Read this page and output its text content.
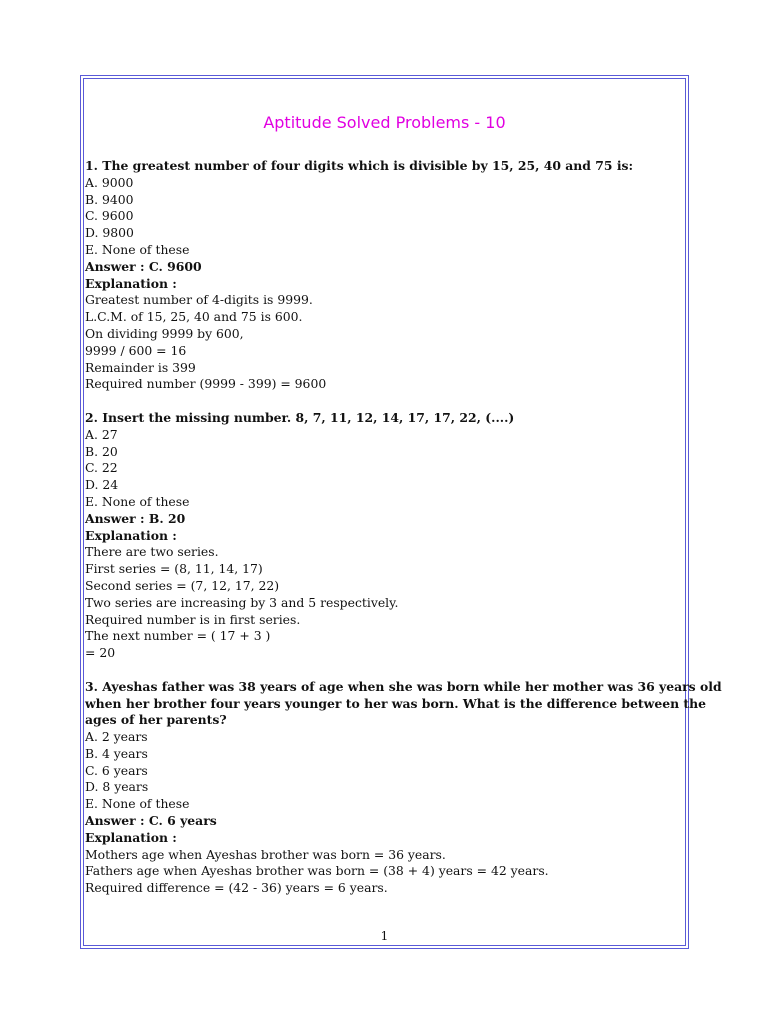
Aptitude Solved Problems - 10
1. The greatest number of four digits which is divisible by 15, 25, 40 and 75 is:
A. 9000
B. 9400
C. 9600
D. 9800
E. None of these
Answer : C. 9600
Explanation :
Greatest number of 4-digits is 9999.
L.C.M. of 15, 25, 40 and 75 is 600.
On dividing 9999 by 600,
9999 / 600 = 16
Remainder is 399
Required number (9999 - 399) = 9600
2. Insert the missing number. 8, 7, 11, 12, 14, 17, 17, 22, (....)
A. 27
B. 20
C. 22
D. 24
E. None of these
Answer : B. 20
Explanation :
There are two series.
First series = (8, 11, 14, 17)
Second series = (7, 12, 17, 22)
Two series are increasing by 3 and 5 respectively.
Required number is in first series.
The next number = ( 17 + 3 )
= 20
3. Ayeshas father was 38 years of age when she was born while her mother was 36 years old
when her brother four years younger to her was born. What is the difference between the
ages of her parents?
A. 2 years
B. 4 years
C. 6 years
D. 8 years
E. None of these
Answer : C. 6 years
Explanation :
Mothers age when Ayeshas brother was born = 36 years.
Fathers age when Ayeshas brother was born = (38 + 4) years = 42 years.
Required difference = (42 - 36) years = 6 years.
1
